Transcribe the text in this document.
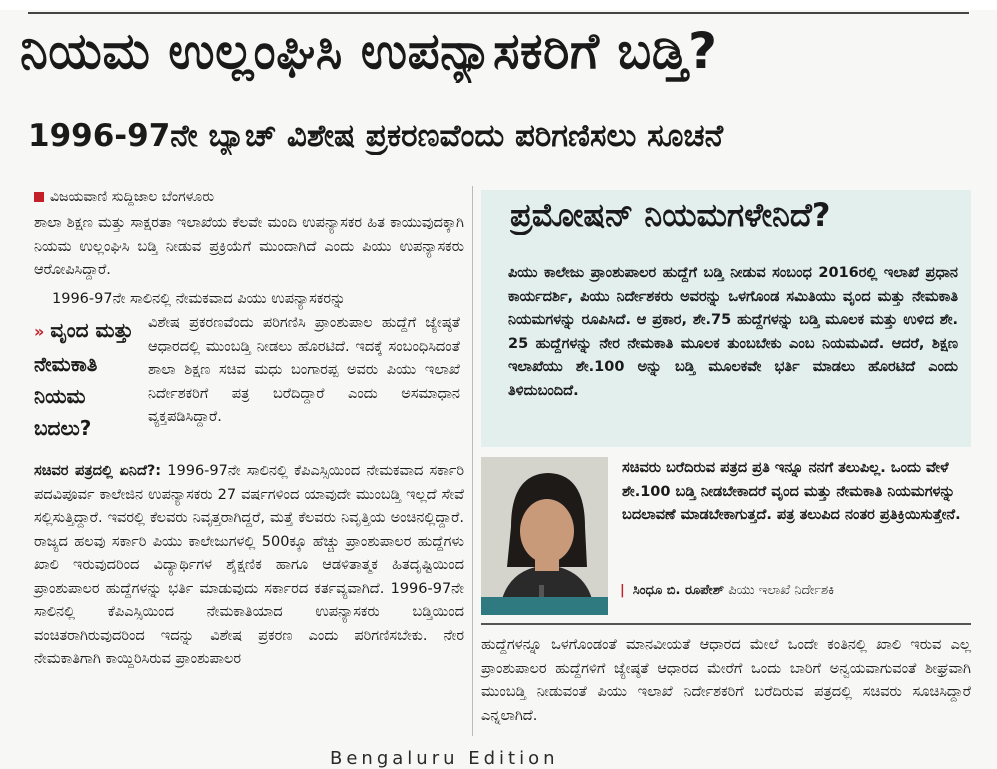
ನಿಯಮ ಉಲ್ಲಂಘಿಸಿ ಉಪನ್ಯಾಸಕರಿಗೆ ಬಡ್ತಿ?
1996-97ನೇ ಬ್ಯಾಚ್ ವಿಶೇಷ ಪ್ರಕರಣವೆಂದು ಪರಿಗಣಿಸಲು ಸೂಚನೆ
ವಿಜಯವಾಣಿ ಸುದ್ದಿಜಾಲ ಬೆಂಗಳೂರು
ಶಾಲಾ ಶಿಕ್ಷಣ ಮತ್ತು ಸಾಕ್ಷರತಾ ಇಲಾಖೆಯ ಕೆಲವೇ ಮಂದಿ ಉಪನ್ಯಾಸಕರ ಹಿತ ಕಾಯುವುದಕ್ಕಾಗಿ ನಿಯಮ ಉಲ್ಲಂಘಿಸಿ ಬಡ್ತಿ ನೀಡುವ ಪ್ರಕ್ರಿಯೆಗೆ ಮುಂದಾಗಿದೆ ಎಂದು ಪಿಯು ಉಪನ್ಯಾಸಕರು ಆರೋಪಿಸಿದ್ದಾರೆ.
1996-97ನೇ ಸಾಲಿನಲ್ಲಿ ನೇಮಕವಾದ ಪಿಯು ಉಪನ್ಯಾಸಕರನ್ನು
» ವೃಂದ ಮತ್ತು ನೇಮಕಾತಿ ನಿಯಮ ಬದಲು?
ವಿಶೇಷ ಪ್ರಕರಣವೆಂದು ಪರಿಗಣಿಸಿ ಪ್ರಾಂಶುಪಾಲ ಹುದ್ದೆಗೆ ಜ್ಯೇಷ್ಠತೆ ಆಧಾರದಲ್ಲಿ ಮುಂಬಡ್ತಿ ನೀಡಲು ಹೊರಟಿದೆ. ಇದಕ್ಕೆ ಸಂಬಂಧಿಸಿದಂತೆ ಶಾಲಾ ಶಿಕ್ಷಣ ಸಚಿವ ಮಧು ಬಂಗಾರಪ್ಪ ಅವರು ಪಿಯು ಇಲಾಖೆ ನಿರ್ದೇಶಕರಿಗೆ ಪತ್ರ ಬರೆದಿದ್ದಾರೆ ಎಂದು ಅಸಮಾಧಾನ ವ್ಯಕ್ತಪಡಿಸಿದ್ದಾರೆ.
ಸಚಿವರ ಪತ್ರದಲ್ಲಿ ಏನಿದೆ?: 1996-97ನೇ ಸಾಲಿನಲ್ಲಿ ಕೆಪಿಎಸ್ಸಿಯಿಂದ ನೇಮಕವಾದ ಸರ್ಕಾರಿ ಪದವಿಪೂರ್ವ ಕಾಲೇಜಿನ ಉಪನ್ಯಾಸಕರು 27 ವರ್ಷಗಳಿಂದ ಯಾವುದೇ ಮುಂಬಡ್ತಿ ಇಲ್ಲದೆ ಸೇವೆ ಸಲ್ಲಿಸುತ್ತಿದ್ದಾರೆ. ಇವರಲ್ಲಿ ಕೆಲವರು ನಿವೃತ್ತರಾಗಿದ್ದರೆ, ಮತ್ತೆ ಕೆಲವರು ನಿವೃತ್ತಿಯ ಅಂಚಿನಲ್ಲಿದ್ದಾರೆ. ರಾಜ್ಯದ ಹಲವು ಸರ್ಕಾರಿ ಪಿಯು ಕಾಲೇಜುಗಳಲ್ಲಿ 500ಕ್ಕೂ ಹೆಚ್ಚು ಪ್ರಾಂಶುಪಾಲರ ಹುದ್ದೆಗಳು ಖಾಲಿ ಇರುವುದರಿಂದ ವಿದ್ಯಾರ್ಥಿಗಳ ಶೈಕ್ಷಣಿಕ ಹಾಗೂ ಆಡಳಿತಾತ್ಮಕ ಹಿತದೃಷ್ಟಿಯಿಂದ ಪ್ರಾಂಶುಪಾಲರ ಹುದ್ದೆಗಳನ್ನು ಭರ್ತಿ ಮಾಡುವುದು ಸರ್ಕಾರದ ಕರ್ತವ್ಯವಾಗಿದೆ. 1996-97ನೇ ಸಾಲಿನಲ್ಲಿ ಕೆಪಿಎಸ್ಸಿಯಿಂದ ನೇಮಕಾತಿಯಾದ ಉಪನ್ಯಾಸಕರು ಬಡ್ತಿಯಿಂದ ವಂಚಿತರಾಗಿರುವುದರಿಂದ ಇದನ್ನು ವಿಶೇಷ ಪ್ರಕರಣ ಎಂದು ಪರಿಗಣಿಸಬೇಕು. ನೇರ ನೇಮಕಾತಿಗಾಗಿ ಕಾಯ್ದಿರಿಸಿರುವ ಪ್ರಾಂಶುಪಾಲರ
ಪ್ರಮೋಷನ್ ನಿಯಮಗಳೇನಿದೆ?
ಪಿಯು ಕಾಲೇಜು ಪ್ರಾಂಶುಪಾಲರ ಹುದ್ದೆಗೆ ಬಡ್ತಿ ನೀಡುವ ಸಂಬಂಧ 2016ರಲ್ಲಿ ಇಲಾಖೆ ಪ್ರಧಾನ ಕಾರ್ಯದರ್ಶಿ, ಪಿಯು ನಿರ್ದೇಶಕರು ಅವರನ್ನು ಒಳಗೊಂಡ ಸಮಿತಿಯು ವೃಂದ ಮತ್ತು ನೇಮಕಾತಿ ನಿಯಮಗಳನ್ನು ರೂಪಿಸಿದೆ. ಆ ಪ್ರಕಾರ, ಶೇ.75 ಹುದ್ದೆಗಳನ್ನು ಬಡ್ತಿ ಮೂಲಕ ಮತ್ತು ಉಳಿದ ಶೇ. 25 ಹುದ್ದೆಗಳನ್ನು ನೇರ ನೇಮಕಾತಿ ಮೂಲಕ ತುಂಬಬೇಕು ಎಂಬ ನಿಯಮವಿದೆ. ಆದರೆ, ಶಿಕ್ಷಣ ಇಲಾಖೆಯು ಶೇ.100 ಅನ್ನು ಬಡ್ತಿ ಮೂಲಕವೇ ಭರ್ತಿ ಮಾಡಲು ಹೊರಟಿದೆ ಎಂದು ತಿಳಿದುಬಂದಿದೆ.
ಸಚಿವರು ಬರೆದಿರುವ ಪತ್ರದ ಪ್ರತಿ ಇನ್ನೂ ನನಗೆ ತಲುಪಿಲ್ಲ. ಒಂದು ವೇಳೆ ಶೇ.100 ಬಡ್ತಿ ನೀಡಬೇಕಾದರೆ ವೃಂದ ಮತ್ತು ನೇಮಕಾತಿ ನಿಯಮಗಳನ್ನು ಬದಲಾವಣೆ ಮಾಡಬೇಕಾಗುತ್ತದೆ. ಪತ್ರ ತಲುಪಿದ ನಂತರ ಪ್ರತಿಕ್ರಿಯಿಸುತ್ತೇನೆ.
| ಸಿಂಧೂ ಬಿ. ರೂಪೇಶ್ ಪಿಯು ಇಲಾಖೆ ನಿರ್ದೇಶಕಿ
ಹುದ್ದೆಗಳನ್ನೂ ಒಳಗೊಂಡಂತೆ ಮಾನವೀಯತೆ ಆಧಾರದ ಮೇಲೆ ಒಂದೇ ಕಂತಿನಲ್ಲಿ ಖಾಲಿ ಇರುವ ಎಲ್ಲ ಪ್ರಾಂಶುಪಾಲರ ಹುದ್ದೆಗಳಿಗೆ ಜ್ಯೇಷ್ಠತೆ ಆಧಾರದ ಮೇರೆಗೆ ಒಂದು ಬಾರಿಗೆ ಅನ್ವಯವಾಗುವಂತೆ ಶೀಘ್ರವಾಗಿ ಮುಂಬಡ್ತಿ ನೀಡುವಂತೆ ಪಿಯು ಇಲಾಖೆ ನಿರ್ದೇಶಕರಿಗೆ ಬರೆದಿರುವ ಪತ್ರದಲ್ಲಿ ಸಚಿವರು ಸೂಚಿಸಿದ್ದಾರೆ ಎನ್ನಲಾಗಿದೆ.
Bengaluru Edition
